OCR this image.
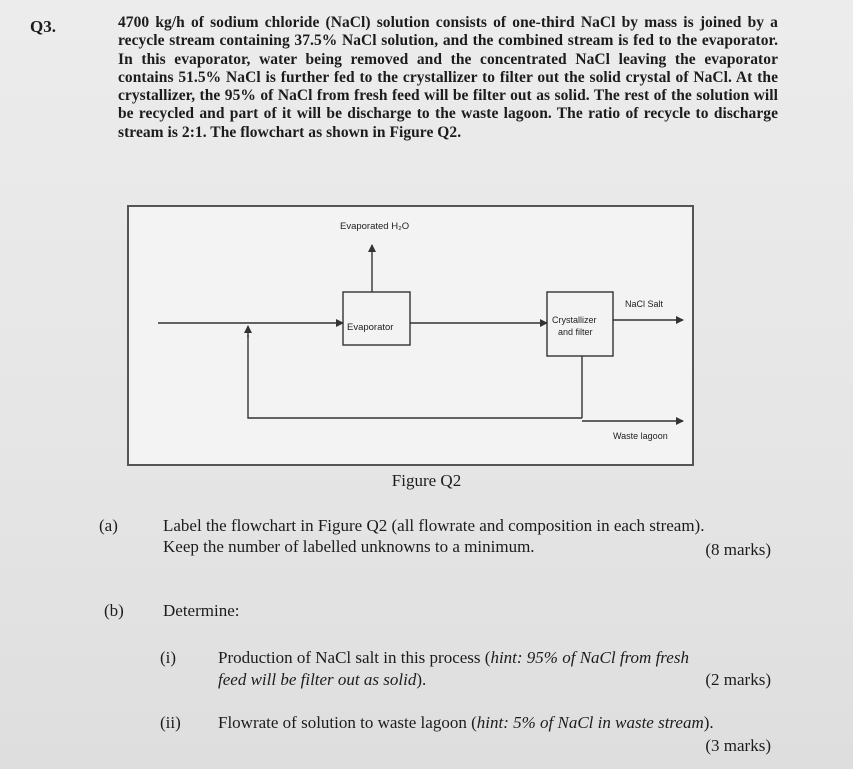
Q3.	4700 kg/h of sodium chloride (NaCl) solution consists of one-third NaCl by mass is joined by a recycle stream containing 37.5% NaCl solution, and the combined stream is fed to the evaporator. In this evaporator, water being removed and the concentrated NaCl leaving the evaporator contains 51.5% NaCl is further fed to the crystallizer to filter out the solid crystal of NaCl. At the crystallizer, the 95% of NaCl from fresh feed will be filter out as solid. The rest of the solution will be recycled and part of it will be discharge to the waste lagoon. The ratio of recycle to discharge stream is 2:1. The flowchart as shown in Figure Q2.
Evaporated H₂O
Evaporator
Crystallizer
and filter
NaCl Salt
Waste lagoon
Figure Q2
(a)	Label the flowchart in Figure Q2 (all flowrate and composition in each stream).
Keep the number of labelled unknowns to a minimum.	(8 marks)
(b) Determine:
(i) Production of NaCl salt in this process (hint: 95% of NaCl from fresh
feed will be filter out as solid).	(2 marks)
(ii) Flowrate of solution to waste lagoon (hint: 5% of NaCl in waste stream).
(3 marks)
